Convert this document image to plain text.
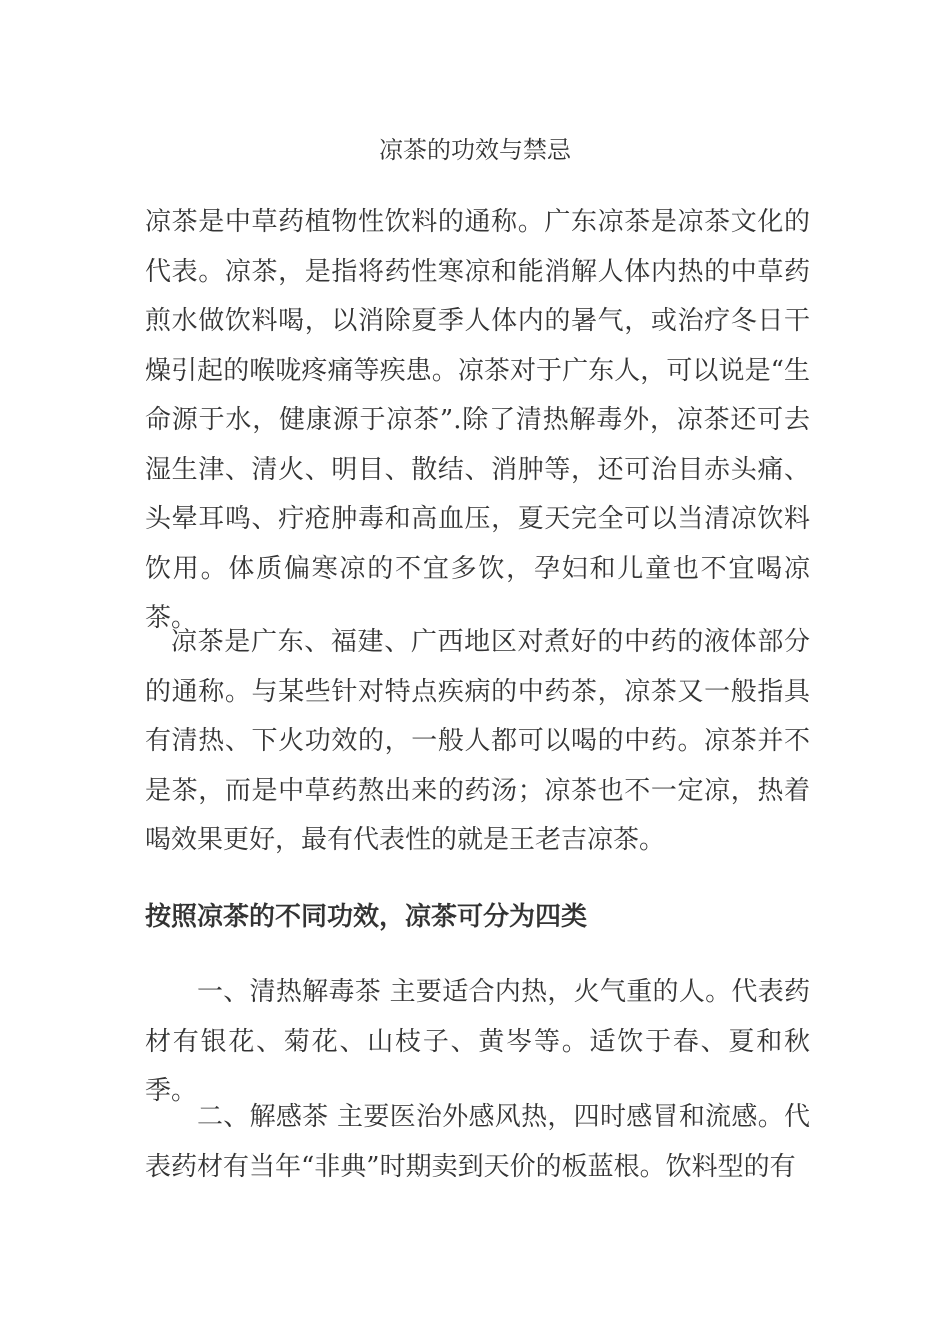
凉茶的功效与禁忌

凉茶是中草药植物性饮料的通称。广东凉茶是凉茶文化的代表。凉茶，是指将药性寒凉和能消解人体内热的中草药煎水做饮料喝，以消除夏季人体内的暑气，或治疗冬日干燥引起的喉咙疼痛等疾患。凉茶对于广东人，可以说是“生命源于水，健康源于凉茶”.除了清热解毒外，凉茶还可去湿生津、清火、明目、散结、消肿等，还可治目赤头痛、头晕耳鸣、疔疮肿毒和高血压，夏天完全可以当清凉饮料饮用。体质偏寒凉的不宜多饮，孕妇和儿童也不宜喝凉茶。

凉茶是广东、福建、广西地区对煮好的中药的液体部分的通称。与某些针对特点疾病的中药茶，凉茶又一般指具有清热、下火功效的，一般人都可以喝的中药。凉茶并不是茶，而是中草药熬出来的药汤；凉茶也不一定凉，热着喝效果更好，最有代表性的就是王老吉凉茶。

按照凉茶的不同功效，凉茶可分为四类

一、清热解毒茶 主要适合内热，火气重的人。代表药材有银花、菊花、山枝子、黄岑等。适饮于春、夏和秋季。

二、解感茶 主要医治外感风热，四时感冒和流感。代表药材有当年“非典”时期卖到天价的板蓝根。饮料型的有
